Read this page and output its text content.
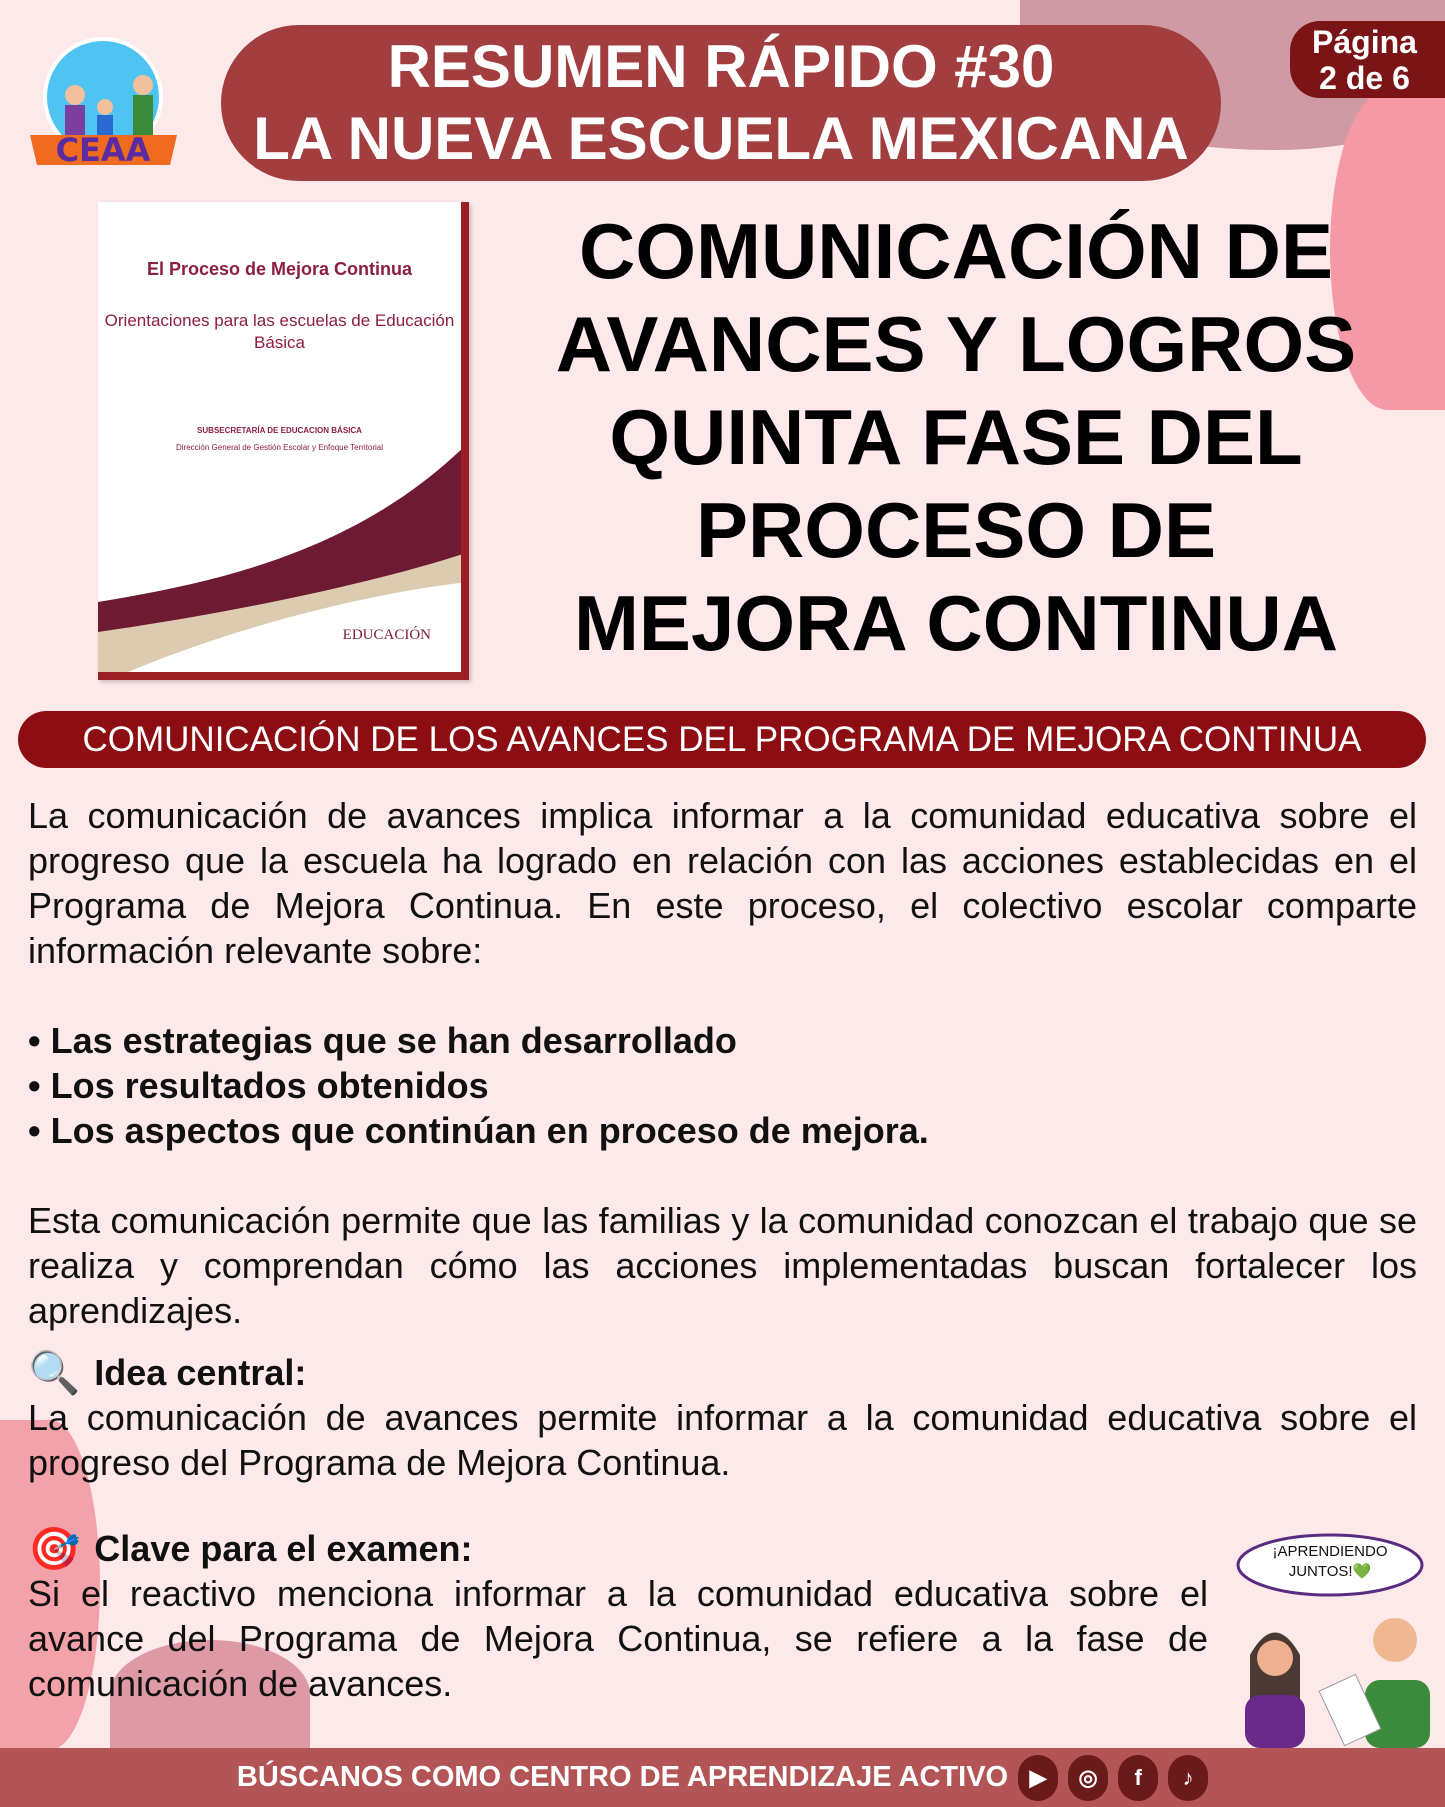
CEAA
RESUMEN RÁPIDO #30
LA NUEVA ESCUELA MEXICANA
Página
2 de 6
El Proceso de Mejora Continua
Orientaciones para las escuelas de Educación Básica
SUBSECRETARÍA DE EDUCACION BÁSICA
Dirección General de Gestión Escolar y Enfoque Territorial
EDUCACIÓN
COMUNICACIÓN DE
AVANCES Y LOGROS
QUINTA FASE DEL
PROCESO DE
MEJORA CONTINUA
COMUNICACIÓN DE LOS AVANCES DEL PROGRAMA DE MEJORA CONTINUA
La comunicación de avances implica informar a la comunidad educativa sobre el progreso que la escuela ha logrado en relación con las acciones establecidas en el Programa de Mejora Continua. En este proceso, el colectivo escolar comparte información relevante sobre:
• Las estrategias que se han desarrollado
• Los resultados obtenidos
• Los aspectos que continúan en proceso de mejora.
Esta comunicación permite que las familias y la comunidad conozcan el trabajo que se realiza y comprendan cómo las acciones implementadas buscan fortalecer los aprendizajes.
🔍 Idea central:
La comunicación de avances permite informar a la comunidad educativa sobre el progreso del Programa de Mejora Continua.
🎯 Clave para el examen:
Si el reactivo menciona informar a la comunidad educativa sobre el avance del Programa de Mejora Continua, se refiere a la fase de comunicación de avances.
¡APRENDIENDO JUNTOS!💚
BÚSCANOS COMO CENTRO DE APRENDIZAJE ACTIVO ▶	◎	f	♪
